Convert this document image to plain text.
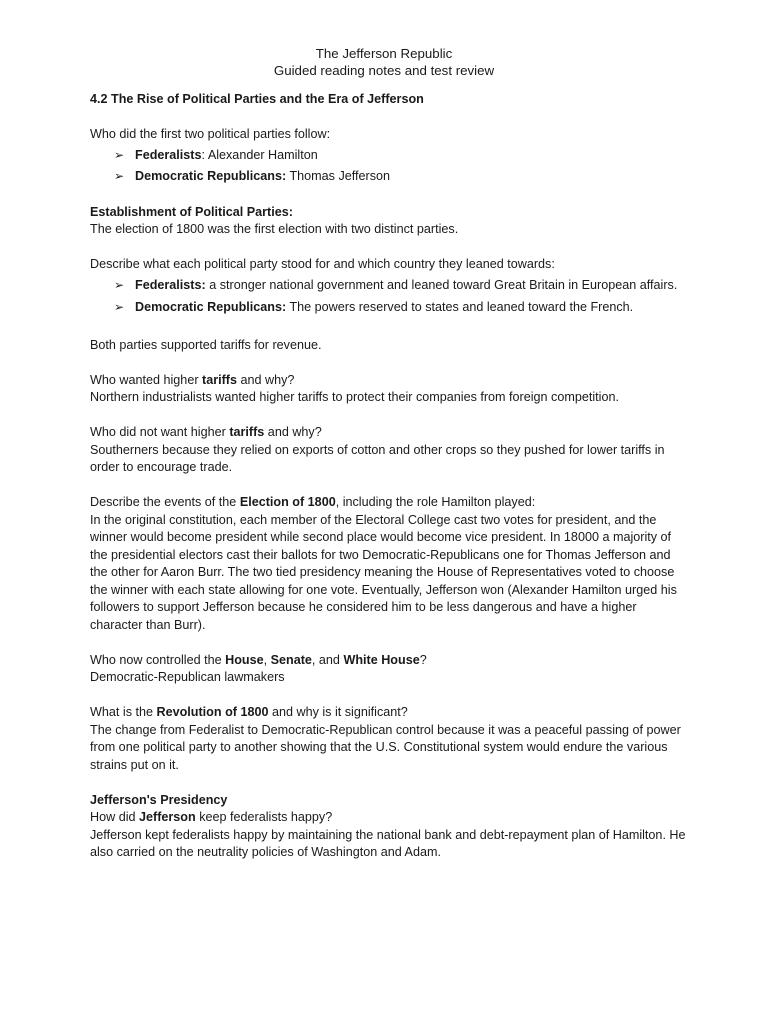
The Jefferson Republic
Guided reading notes and test review

4.2 The Rise of Political Parties and the Era of Jefferson

Who did the first two political parties follow:

➢ Federalists: Alexander Hamilton
➢ Democratic Republicans: Thomas Jefferson

Establishment of Political Parties:

The election of 1800 was the first election with two distinct parties.

Describe what each political party stood for and which country they leaned towards:

➢ Federalists: a stronger national government and leaned toward Great Britain in European affairs.
➢ Democratic Republicans: The powers reserved to states and leaned toward the French.

Both parties supported tariffs for revenue.

Who wanted higher tariffs and why?

Northern industrialists wanted higher tariffs to protect their companies from foreign competition.

Who did not want higher tariffs and why?

Southerners because they relied on exports of cotton and other crops so they pushed for lower tariffs in order to encourage trade.

Describe the events of the Election of 1800, including the role Hamilton played:

In the original constitution, each member of the Electoral College cast two votes for president, and the winner would become president while second place would become vice president. In 18000 a majority of the presidential electors cast their ballots for two Democratic-Republicans one for Thomas Jefferson and the other for Aaron Burr. The two tied presidency meaning the House of Representatives voted to choose the winner with each state allowing for one vote. Eventually, Jefferson won (Alexander Hamilton urged his followers to support Jefferson because he considered him to be less dangerous and have a higher character than Burr).

Who now controlled the House, Senate, and White House?

Democratic-Republican lawmakers

What is the Revolution of 1800 and why is it significant?

The change from Federalist to Democratic-Republican control because it was a peaceful passing of power from one political party to another showing that the U.S. Constitutional system would endure the various strains put on it.

Jefferson's Presidency

How did Jefferson keep federalists happy?

Jefferson kept federalists happy by maintaining the national bank and debt-repayment plan of Hamilton. He also carried on the neutrality policies of Washington and Adam.
